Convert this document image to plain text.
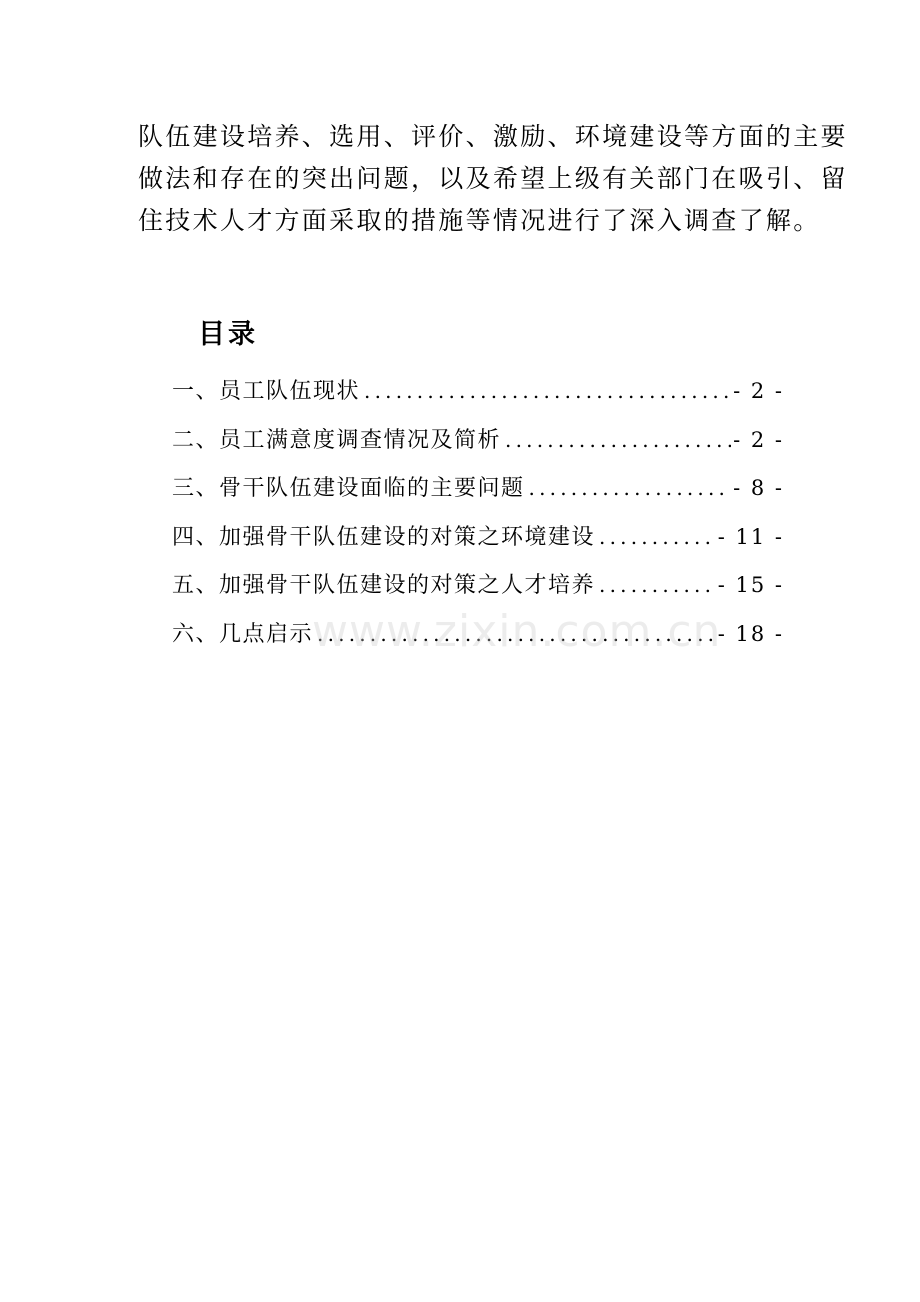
队伍建设培养、选用、评价、激励、环境建设等方面的主要
做法和存在的突出问题，以及希望上级有关部门在吸引、留
住技术人才方面采取的措施等情况进行了深入调查了解。
目录
一、员工队伍现状 .....	- 2 -
二、员工满意度调查情况及简析 .....	- 2 -
三、骨干队伍建设面临的主要问题 .....	- 8 -
四、加强骨干队伍建设的对策之环境建设 .....	- 11 -
五、加强骨干队伍建设的对策之人才培养 .....	- 15 -
六、几点启示 .....	- 18 -
www.zixin.com.cn
